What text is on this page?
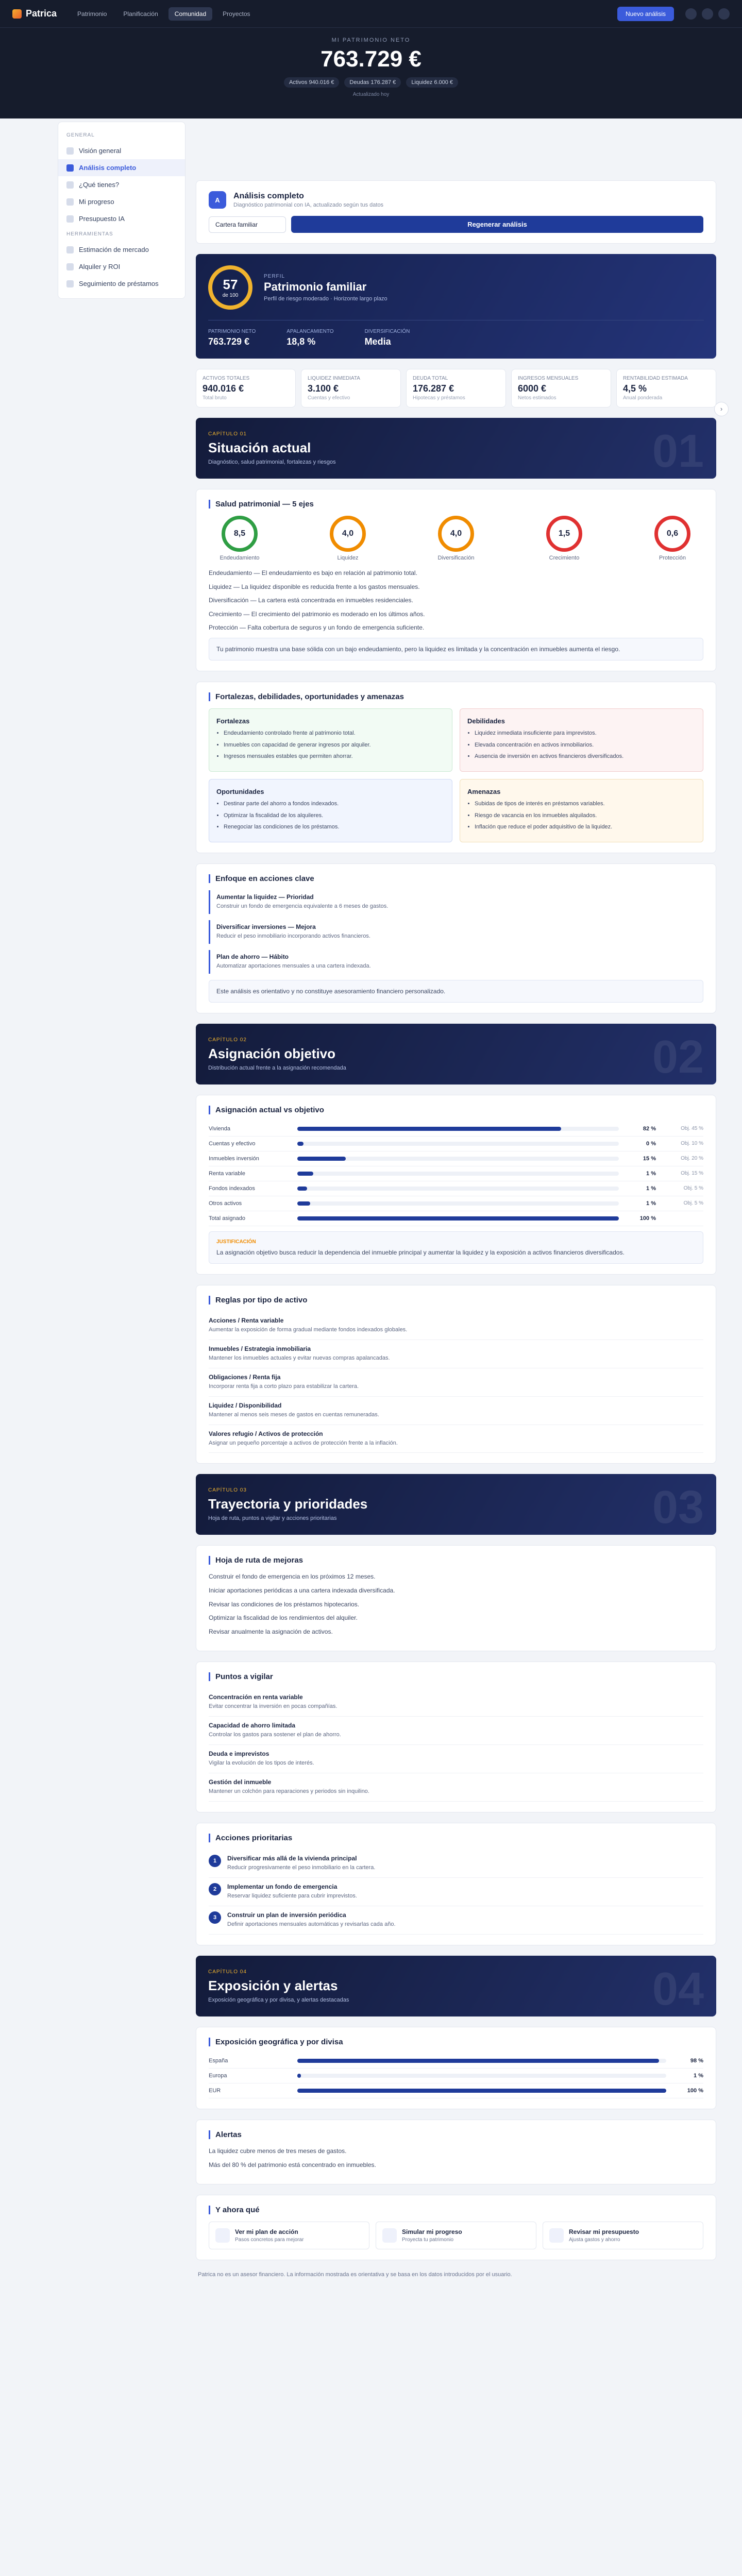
Patrica	Patrimonio	Planificación	Comunidad	Proyectos	Nuevo análisis
MI PATRIMONIO NETO
763.729 €
Activos 940.016 €	Deudas 176.287 €	Liquidez 6.000 €
Actualizado hoy
GENERAL
Visión general
Análisis completo
¿Qué tienes?
Mi progreso
Presupuesto IA
HERRAMIENTAS
Estimación de mercado
Alquiler y ROI
Seguimiento de préstamos
›
A	Análisis completo
Diagnóstico patrimonial con IA, actualizado según tus datos
Cartera familiar	Regenerar análisis
57
de 100
PERFIL
Patrimonio familiar
Perfil de riesgo moderado · Horizonte largo plazo
PATRIMONIO NETO
763.729 €
APALANCAMIENTO
18,8 %
DIVERSIFICACIÓN
Media
ACTIVOS TOTALES
940.016 €
Total bruto
LIQUIDEZ INMEDIATA
3.100 €
Cuentas y efectivo
DEUDA TOTAL
176.287 €
Hipotecas y préstamos
INGRESOS MENSUALES
6000 €
Netos estimados
RENTABILIDAD ESTIMADA
4,5 %
Anual ponderada
CAPÍTULO 01
Situación actual
Diagnóstico, salud patrimonial, fortalezas y riesgos	01
Salud patrimonial — 5 ejes
8,5
Endeudamiento
4,0
Liquidez
4,0
Diversificación
1,5
Crecimiento
0,6
Protección

Endeudamiento — El endeudamiento es bajo en relación al patrimonio total.

Liquidez — La liquidez disponible es reducida frente a los gastos mensuales.

Diversificación — La cartera está concentrada en inmuebles residenciales.

Crecimiento — El crecimiento del patrimonio es moderado en los últimos años.

Protección — Falta cobertura de seguros y un fondo de emergencia suficiente.

Tu patrimonio muestra una base sólida con un bajo endeudamiento, pero la liquidez es limitada y la concentración en inmuebles aumenta el riesgo.
Fortalezas, debilidades, oportunidades y amenazas
Fortalezas
• Endeudamiento controlado frente al patrimonio total.
• Inmuebles con capacidad de generar ingresos por alquiler.
• Ingresos mensuales estables que permiten ahorrar.
Debilidades
• Liquidez inmediata insuficiente para imprevistos.
• Elevada concentración en activos inmobiliarios.
• Ausencia de inversión en activos financieros diversificados.
Oportunidades
• Destinar parte del ahorro a fondos indexados.
• Optimizar la fiscalidad de los alquileres.
• Renegociar las condiciones de los préstamos.
Amenazas
• Subidas de tipos de interés en préstamos variables.
• Riesgo de vacancia en los inmuebles alquilados.
• Inflación que reduce el poder adquisitivo de la liquidez.
Enfoque en acciones clave
Aumentar la liquidez — Prioridad
Construir un fondo de emergencia equivalente a 6 meses de gastos.
Diversificar inversiones — Mejora
Reducir el peso inmobiliario incorporando activos financieros.
Plan de ahorro — Hábito
Automatizar aportaciones mensuales a una cartera indexada.
Este análisis es orientativo y no constituye asesoramiento financiero personalizado.
CAPÍTULO 02
Asignación objetivo
Distribución actual frente a la asignación recomendada	02
Asignación actual vs objetivo
Vivienda	82 %	Obj. 45 %
Cuentas y efectivo	0 %	Obj. 10 %
Inmuebles inversión	15 %	Obj. 20 %
Renta variable	1 %	Obj. 15 %
Fondos indexados	1 %	Obj. 5 %
Otros activos	1 %	Obj. 5 %
Total asignado	100 %
JUSTIFICACIÓN
La asignación objetivo busca reducir la dependencia del inmueble principal y aumentar la liquidez y la exposición a activos financieros diversificados.
Reglas por tipo de activo
Acciones / Renta variable
Aumentar la exposición de forma gradual mediante fondos indexados globales.
Inmuebles / Estrategia inmobiliaria
Mantener los inmuebles actuales y evitar nuevas compras apalancadas.
Obligaciones / Renta fija
Incorporar renta fija a corto plazo para estabilizar la cartera.
Liquidez / Disponibilidad
Mantener al menos seis meses de gastos en cuentas remuneradas.
Valores refugio / Activos de protección
Asignar un pequeño porcentaje a activos de protección frente a la inflación.
CAPÍTULO 03
Trayectoria y prioridades
Hoja de ruta, puntos a vigilar y acciones prioritarias	03
Hoja de ruta de mejoras

Construir el fondo de emergencia en los próximos 12 meses.

Iniciar aportaciones periódicas a una cartera indexada diversificada.

Revisar las condiciones de los préstamos hipotecarios.

Optimizar la fiscalidad de los rendimientos del alquiler.

Revisar anualmente la asignación de activos.

Puntos a vigilar
Concentración en renta variable
Evitar concentrar la inversión en pocas compañías.
Capacidad de ahorro limitada
Controlar los gastos para sostener el plan de ahorro.
Deuda e imprevistos
Vigilar la evolución de los tipos de interés.
Gestión del inmueble
Mantener un colchón para reparaciones y periodos sin inquilino.
Acciones prioritarias
1	Diversificar más allá de la vivienda principal
Reducir progresivamente el peso inmobiliario en la cartera.
2	Implementar un fondo de emergencia
Reservar liquidez suficiente para cubrir imprevistos.
3	Construir un plan de inversión periódica
Definir aportaciones mensuales automáticas y revisarlas cada año.
CAPÍTULO 04
Exposición y alertas
Exposición geográfica y por divisa, y alertas destacadas	04
Exposición geográfica y por divisa
España	98 %
Europa	1 %
EUR	100 %
Alertas

La liquidez cubre menos de tres meses de gastos.

Más del 80 % del patrimonio está concentrado en inmuebles.

Y ahora qué
Ver mi plan de acción
Pasos concretos para mejorar
Simular mi progreso
Proyecta tu patrimonio
Revisar mi presupuesto
Ajusta gastos y ahorro
Patrica no es un asesor financiero. La información mostrada es orientativa y se basa en los datos introducidos por el usuario.
